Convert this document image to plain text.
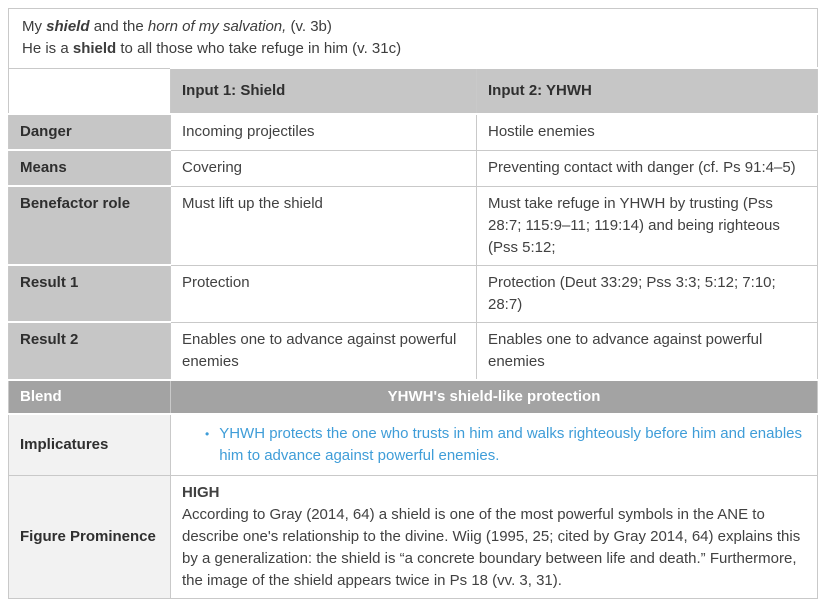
My shield and the horn of my salvation, (v. 3b)
He is a shield to all those who take refuge in him (v. 31c)		

	Input 1: Shield	Input 2: YHWH
Danger	Incoming projectiles	Hostile enemies
Means	Covering	Preventing contact with danger (cf. Ps 91:4–5)
Benefactor role	Must lift up the shield	Must take refuge in YHWH by trusting (Pss 28:7; 115:9–11; 119:14) and being righteous (Pss 5:12;
Result 1	Protection	Protection (Deut 33:29; Pss 3:3; 5:12; 7:10; 28:7)
Result 2	Enables one to advance against powerful enemies	Enables one to advance against powerful enemies
Blend	YHWH's shield-like protection	
Implicatures	• YHWH protects the one who trusts in him and walks righteously before him and enables him to advance against powerful enemies.	

Figure Prominence	HIGH
According to Gray (2014, 64) a shield is one of the most powerful symbols in the ANE to describe one's relationship to the divine. Wiig (1995, 25; cited by Gray 2014, 64) explains this by a generalization: the shield is “a concrete boundary between life and death.” Furthermore, the image of the shield appears twice in Ps 18 (vv. 3, 31).	
